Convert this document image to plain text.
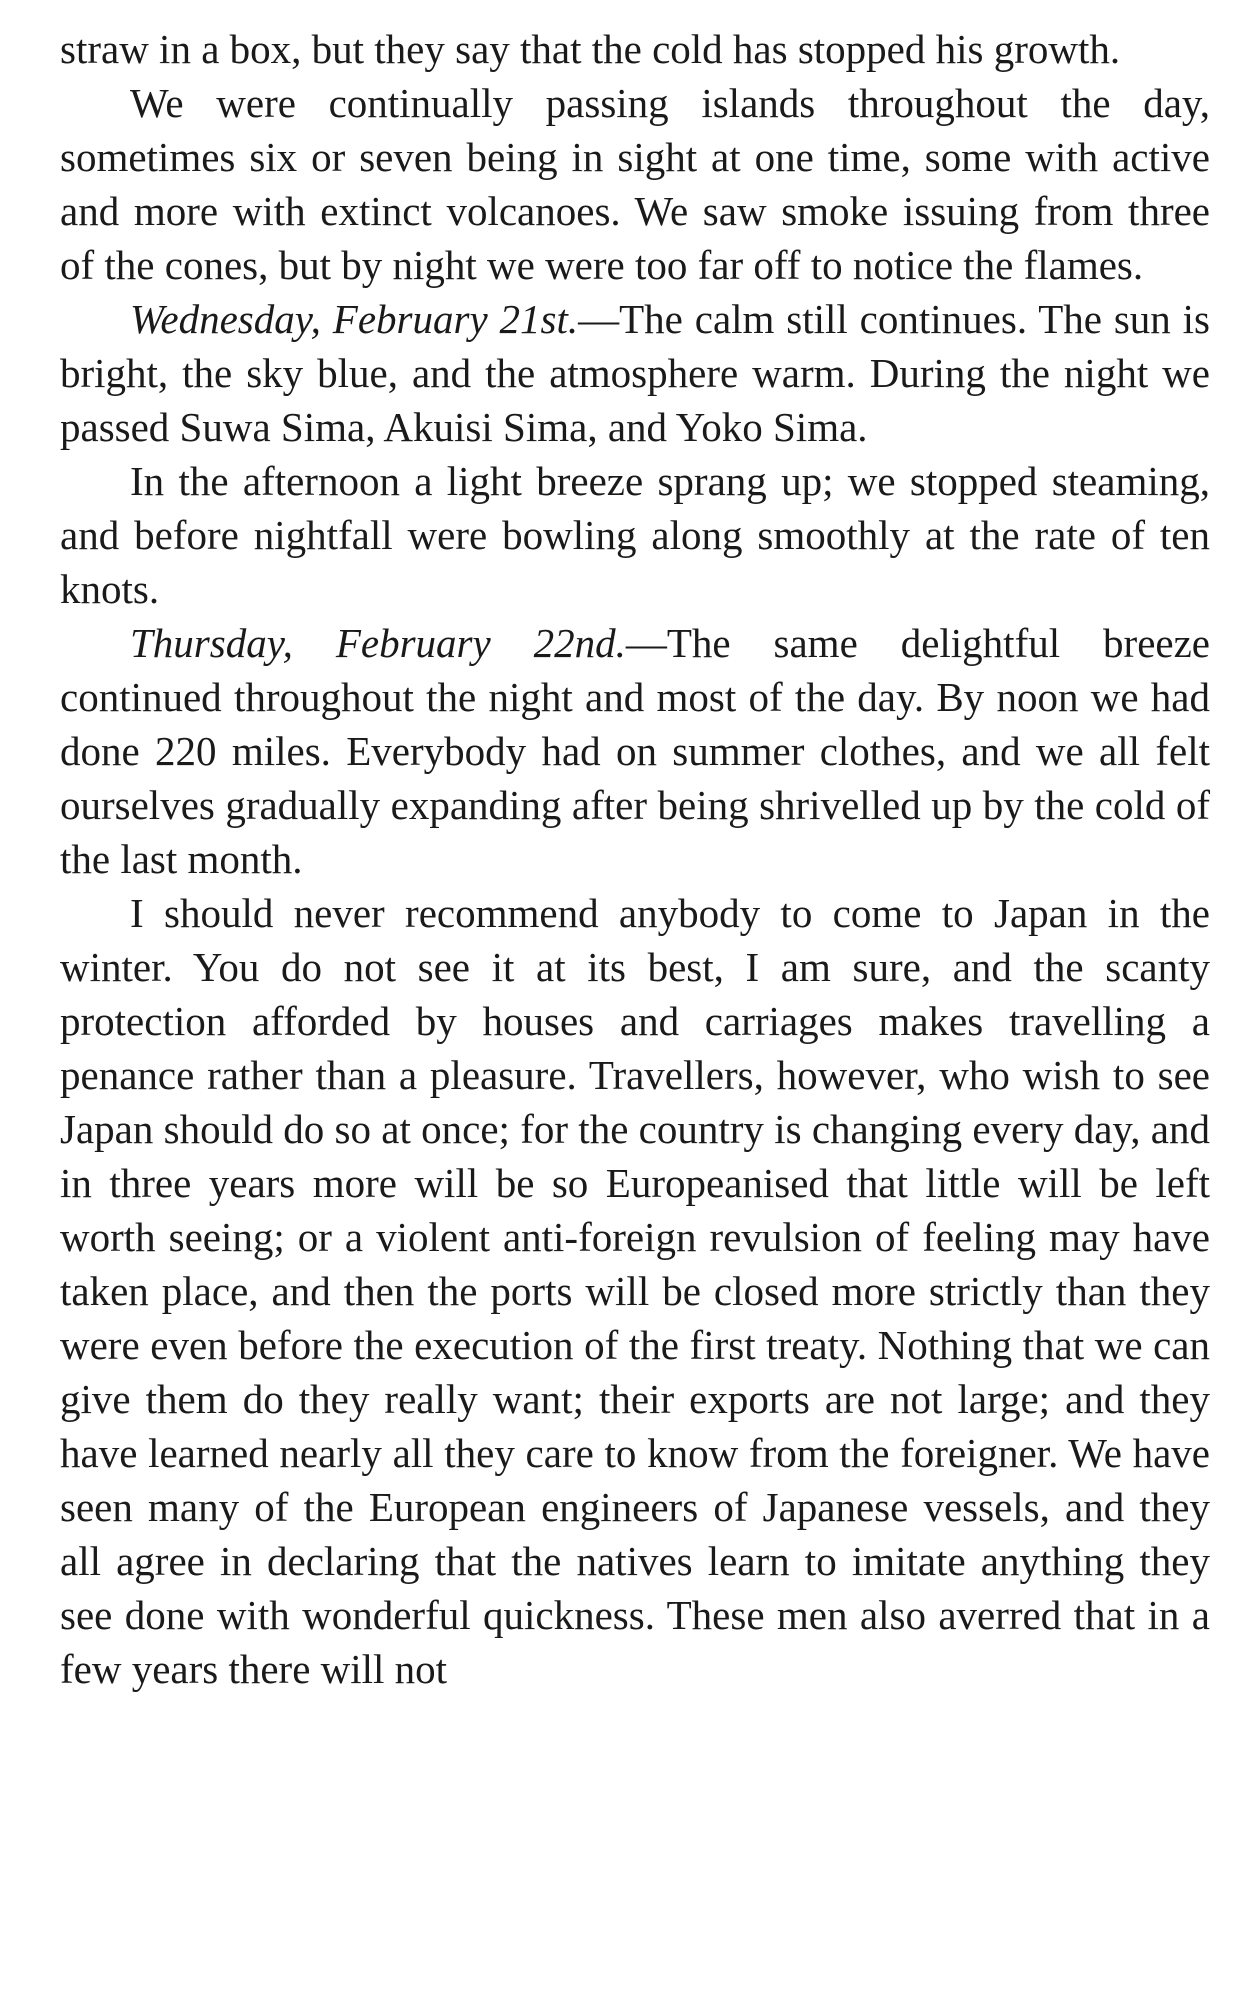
straw in a box, but they say that the cold has stopped his growth.

We were continually passing islands throughout the day, sometimes six or seven being in sight at one time, some with active and more with extinct volcanoes. We saw smoke issuing from three of the cones, but by night we were too far off to notice the flames.

Wednesday, February 21st.—The calm still continues. The sun is bright, the sky blue, and the atmosphere warm. During the night we passed Suwa Sima, Akuisi Sima, and Yoko Sima.

In the afternoon a light breeze sprang up; we stopped steaming, and before nightfall were bowling along smoothly at the rate of ten knots.

Thursday, February 22nd.—The same delightful breeze continued throughout the night and most of the day. By noon we had done 220 miles. Everybody had on summer clothes, and we all felt ourselves gradually expanding after being shrivelled up by the cold of the last month.

I should never recommend anybody to come to Japan in the winter. You do not see it at its best, I am sure, and the scanty protection afforded by houses and carriages makes travelling a penance rather than a pleasure. Travellers, however, who wish to see Japan should do so at once; for the country is changing every day, and in three years more will be so Europeanised that little will be left worth seeing; or a violent anti-foreign revulsion of feeling may have taken place, and then the ports will be closed more strictly than they were even before the execution of the first treaty. Nothing that we can give them do they really want; their exports are not large; and they have learned nearly all they care to know from the foreigner. We have seen many of the European engineers of Japanese vessels, and they all agree in declaring that the natives learn to imitate anything they see done with wonderful quickness. These men also averred that in a few years there will not
